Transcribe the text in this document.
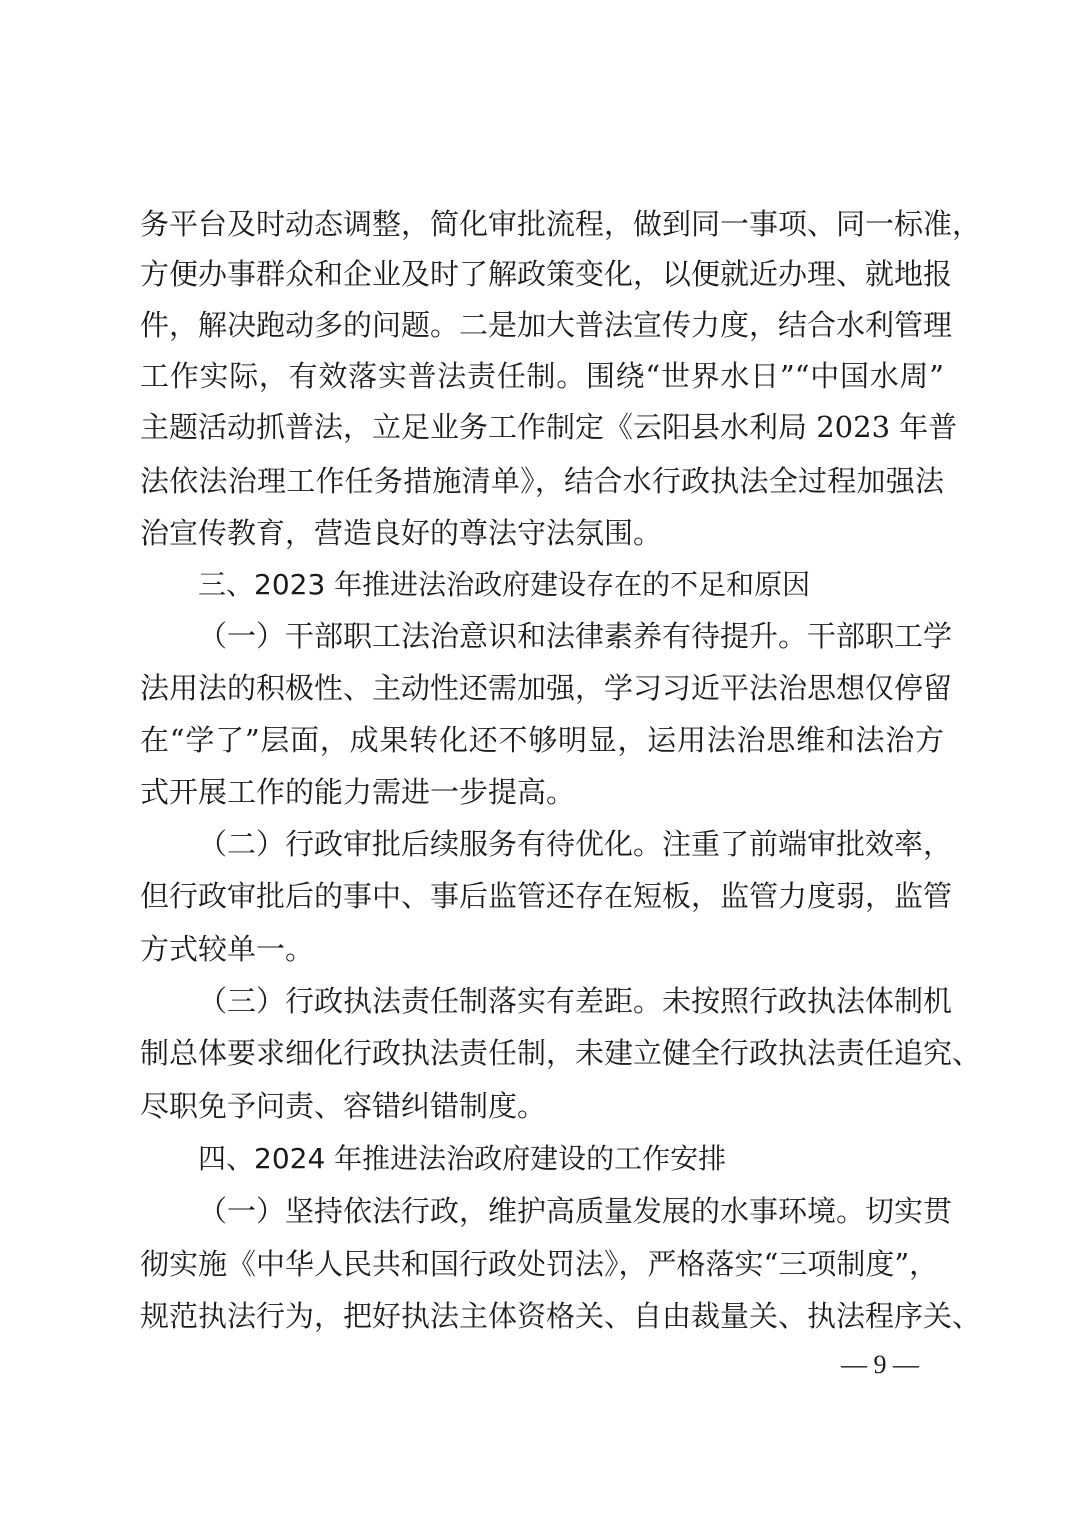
务平台及时动态调整，简化审批流程，做到同一事项、同一标准，
方便办事群众和企业及时了解政策变化，以便就近办理、就地报
件，解决跑动多的问题。二是加大普法宣传力度，结合水利管理
工作实际，有效落实普法责任制。围绕“世界水日”“中国水周”
主题活动抓普法，立足业务工作制定《云阳县水利局 2023 年普
法依法治理工作任务措施清单》，结合水行政执法全过程加强法
治宣传教育，营造良好的尊法守法氛围。
三、2023 年推进法治政府建设存在的不足和原因
（一）干部职工法治意识和法律素养有待提升。干部职工学
法用法的积极性、主动性还需加强，学习习近平法治思想仅停留
在“学了”层面，成果转化还不够明显，运用法治思维和法治方
式开展工作的能力需进一步提高。
（二）行政审批后续服务有待优化。注重了前端审批效率，
但行政审批后的事中、事后监管还存在短板，监管力度弱，监管
方式较单一。
（三）行政执法责任制落实有差距。未按照行政执法体制机
制总体要求细化行政执法责任制，未建立健全行政执法责任追究、
尽职免予问责、容错纠错制度。
四、2024 年推进法治政府建设的工作安排
（一）坚持依法行政，维护高质量发展的水事环境。切实贯
彻实施《中华人民共和国行政处罚法》，严格落实“三项制度”，
规范执法行为，把好执法主体资格关、自由裁量关、执法程序关、
— 9 —
